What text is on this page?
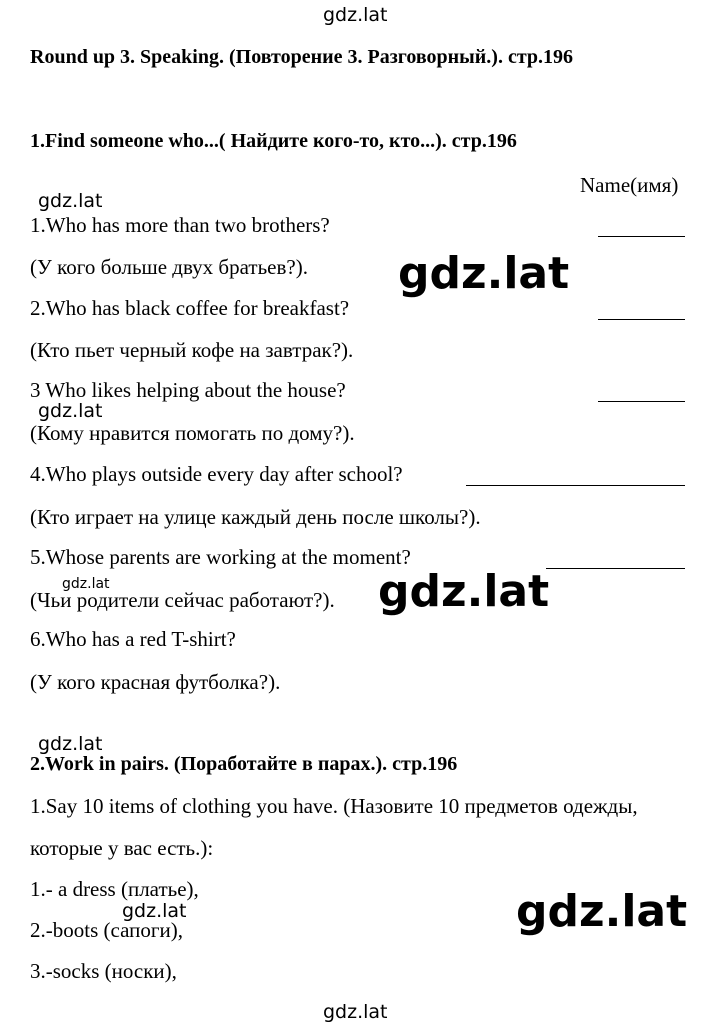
gdz.lat
Round up 3. Speaking. (Повторение 3. Разговорный.). стр.196
1.Find someone who...( Найдите кого-то, кто...). стр.196
Name(имя)
gdz.lat
1.Who has more than two brothers?
(У кого больше двух братьев?). gdz.lat
2.Who has black coffee for breakfast?
(Кто пьет черный кофе на завтрак?).
3 Who likes helping about the house?
gdz.lat
(Кому нравится помогать по дому?).
4.Who plays outside every day after school?
(Кто играет на улице каждый день после школы?).
5.Whose parents are working at the moment?
gdz.lat
(Чьи родители сейчас работают?). gdz.lat
6.Who has a red T-shirt?
(У кого красная футболка?).
gdz.lat
2.Work in pairs. (Поработайте в парах.). стр.196
1.Say 10 items of clothing you have. (Назовите 10 предметов одежды,
которые у вас есть.):
1.- a dress (платье),
gdz.lat
2.-boots (сапоги),	gdz.lat
3.-socks (носки),
gdz.lat
